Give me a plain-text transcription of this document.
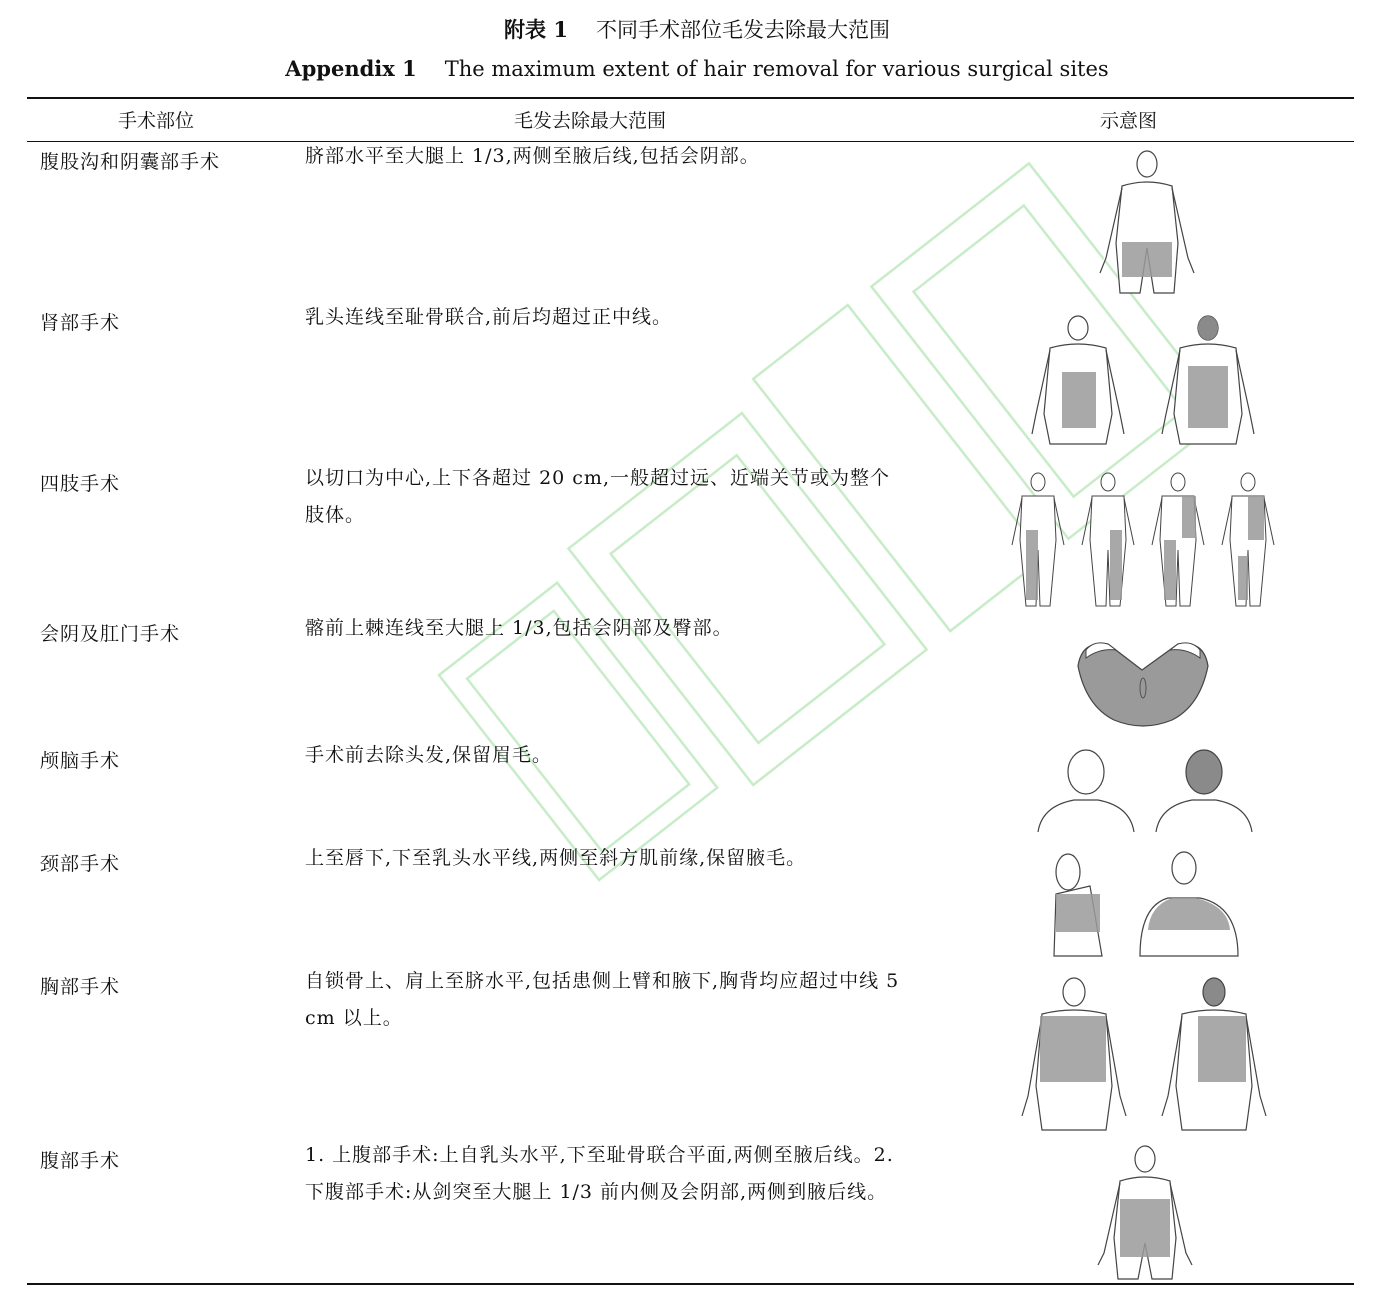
附表 1 不同手术部位毛发去除最大范围
Appendix 1 The maximum extent of hair removal for various surgical sites
手术部位	毛发去除最大范围	示意图
腹股沟和阴囊部手术	脐部水平至大腿上 1/3,两侧至腋后线,包括会阴部。
肾部手术	乳头连线至耻骨联合,前后均超过正中线。
四肢手术	以切口为中心,上下各超过 20 cm,一般超过远、近端关节或为整个肢体。
会阴及肛门手术	髂前上棘连线至大腿上 1/3,包括会阴部及臀部。
颅脑手术	手术前去除头发,保留眉毛。
颈部手术	上至唇下,下至乳头水平线,两侧至斜方肌前缘,保留腋毛。
胸部手术	自锁骨上、肩上至脐水平,包括患侧上臂和腋下,胸背均应超过中线 5 cm 以上。
腹部手术	1. 上腹部手术:上自乳头水平,下至耻骨联合平面,两侧至腋后线。2. 下腹部手术:从剑突至大腿上 1/3 前内侧及会阴部,两侧到腋后线。
